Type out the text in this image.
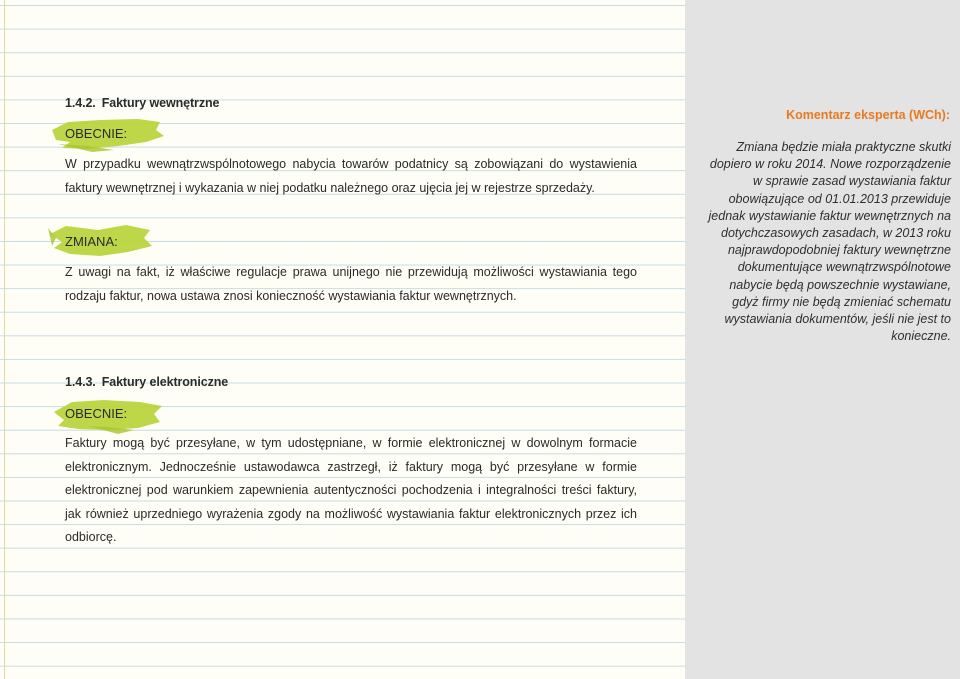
1.4.2. Faktury wewnętrzne
OBECNIE:

W przypadku wewnątrzwspólnotowego nabycia towarów podatnicy są zobowiązani do wystawienia faktury wewnętrznej i wykazania w niej podatku należnego oraz ujęcia jej w rejestrze sprzedaży.

ZMIANA:

Z uwagi na fakt, iż właściwe regulacje prawa unijnego nie przewidują możliwości wystawiania tego rodzaju faktur, nowa ustawa znosi konieczność wystawiania faktur wewnętrznych.

1.4.3. Faktury elektroniczne
OBECNIE:

Faktury mogą być przesyłane, w tym udostępniane, w formie elektronicznej w dowolnym formacie elektronicznym. Jednocześnie ustawodawca zastrzegł, iż faktury mogą być przesyłane w formie elektronicznej pod warunkiem zapewnienia autentyczności pochodzenia i integralności treści faktury, jak również uprzedniego wyrażenia zgody na możliwość wystawiania faktur elektronicznych przez ich odbiorcę.

Komentarz eksperta (WCh):

Zmiana będzie miała praktyczne skutki dopiero w roku 2014. Nowe rozporządzenie w sprawie zasad wystawiania faktur obowiązujące od 01.01.2013 przewiduje jednak wystawianie faktur wewnętrznych na dotychczasowych zasadach, w 2013 roku najprawdopodobniej faktury wewnętrzne dokumentujące wewnątrzwspólnotowe nabycie będą powszechnie wystawiane, gdyż firmy nie będą zmieniać schematu wystawiania dokumentów, jeśli nie jest to konieczne.
